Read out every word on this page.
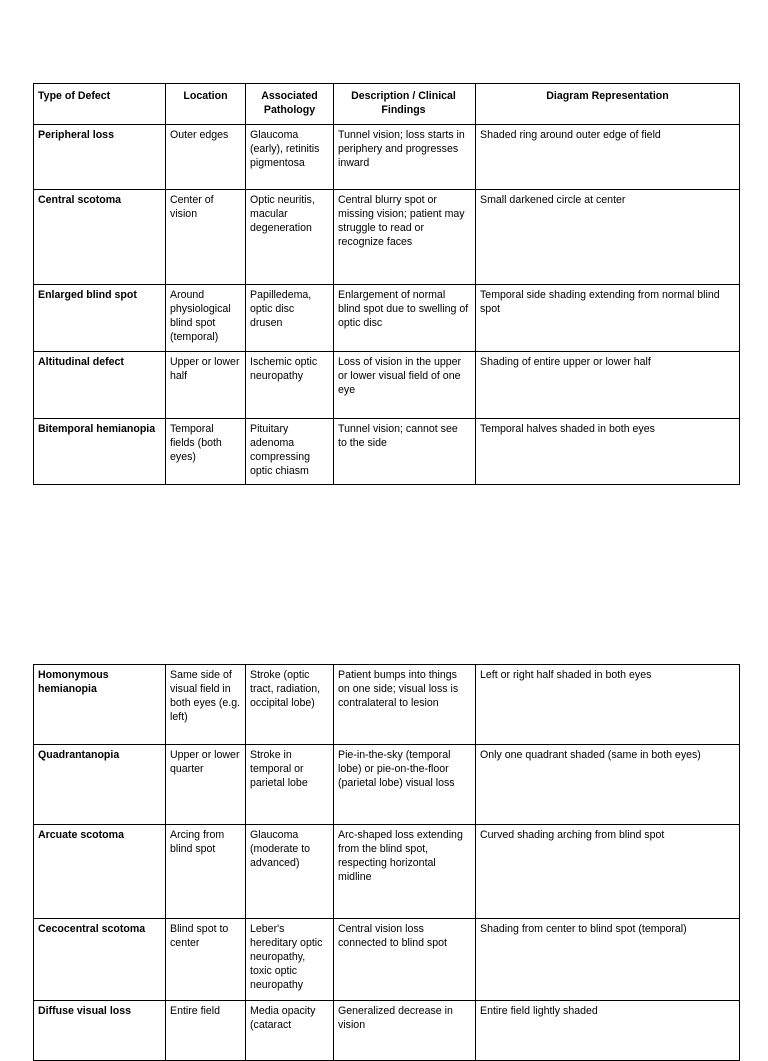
Type of Defect	Location	Associated Pathology	Description / Clinical Findings	Diagram Representation
Peripheral loss	Outer edges	Glaucoma (early), retinitis pigmentosa	Tunnel vision; loss starts in periphery and progresses inward	Shaded ring around outer edge of field
Central scotoma	Center of vision	Optic neuritis, macular degeneration	Central blurry spot or missing vision; patient may struggle to read or recognize faces	Small darkened circle at center
Enlarged blind spot	Around physiological blind spot (temporal)	Papilledema, optic disc drusen	Enlargement of normal blind spot due to swelling of optic disc	Temporal side shading extending from normal blind spot
Altitudinal defect	Upper or lower half	Ischemic optic neuropathy	Loss of vision in the upper or lower visual field of one eye	Shading of entire upper or lower half
Bitemporal hemianopia	Temporal fields (both eyes)	Pituitary adenoma compressing optic chiasm	Tunnel vision; cannot see to the side	Temporal halves shaded in both eyes
Homonymous hemianopia	Same side of visual field in both eyes (e.g. left)	Stroke (optic tract, radiation, occipital lobe)	Patient bumps into things on one side; visual loss is contralateral to lesion	Left or right half shaded in both eyes
Quadrantanopia	Upper or lower quarter	Stroke in temporal or parietal lobe	Pie-in-the-sky (temporal lobe) or pie-on-the-floor (parietal lobe) visual loss	Only one quadrant shaded (same in both eyes)
Arcuate scotoma	Arcing from blind spot	Glaucoma (moderate to advanced)	Arc-shaped loss extending from the blind spot, respecting horizontal midline	Curved shading arching from blind spot
Cecocentral scotoma	Blind spot to center	Leber's hereditary optic neuropathy, toxic optic neuropathy	Central vision loss connected to blind spot	Shading from center to blind spot (temporal)
Diffuse visual loss	Entire field	Media opacity (cataract	Generalized decrease in vision	Entire field lightly shaded
